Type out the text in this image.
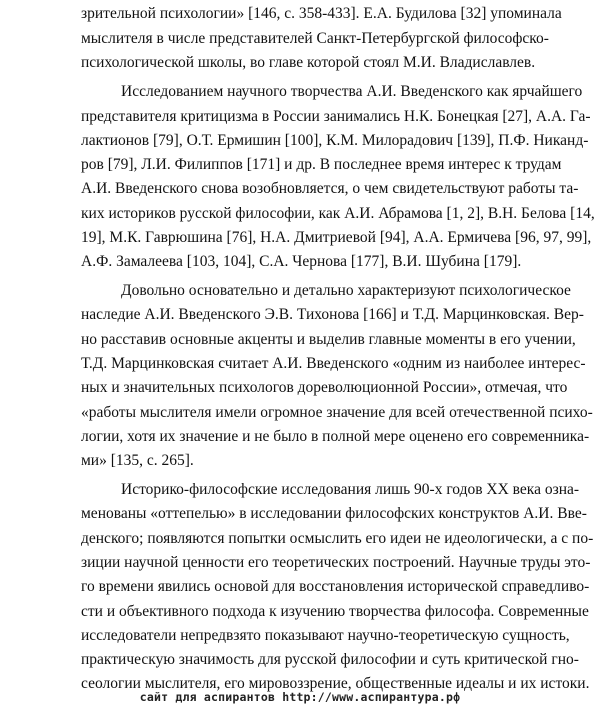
зрительной психологии» [146, с. 358-433]. Е.А. Будилова [32] упоминала
мыслителя в числе представителей Санкт-Петербургской философско-
психологической школы, во главе которой стоял М.И. Владиславлев.
Исследованием научного творчества А.И. Введенского как ярчайшего
представителя критицизма в России занимались Н.К. Бонецкая [27], А.А. Га-
лактионов [79], О.Т. Ермишин [100], К.М. Милорадович [139], П.Ф. Никанд-
ров [79], Л.И. Филиппов [171] и др. В последнее время интерес к трудам
А.И. Введенского снова возобновляется, о чем свидетельствуют работы та-
ких историков русской философии, как А.И. Абрамова [1, 2], В.Н. Белова [14,
19], М.К. Гаврюшина [76], Н.А. Дмитриевой [94], А.А. Ермичева [96, 97, 99],
А.Ф. Замалеева [103, 104], С.А. Чернова [177], В.И. Шубина [179].
Довольно основательно и детально характеризуют психологическое
наследие А.И. Введенского Э.В. Тихонова [166] и Т.Д. Марцинковская. Вер-
но расставив основные акценты и выделив главные моменты в его учении,
Т.Д. Марцинковская считает А.И. Введенского «одним из наиболее интерес-
ных и значительных психологов дореволюционной России», отмечая, что
«работы мыслителя имели огромное значение для всей отечественной психо-
логии, хотя их значение и не было в полной мере оценено его современника-
ми» [135, с. 265].
Историко-философские исследования лишь 90-х годов XX века озна-
менованы «оттепелью» в исследовании философских конструктов А.И. Вве-
денского; появляются попытки осмыслить его идеи не идеологически, а с по-
зиции научной ценности его теоретических построений. Научные труды это-
го времени явились основой для восстановления исторической справедливо-
сти и объективного подхода к изучению творчества философа. Современные
исследователи непредвзято показывают научно-теоретическую сущность,
практическую значимость для русской философии и суть критической гно-
сеологии мыслителя, его мировоззрение, общественные идеалы и их истоки.
сайт для аспирантов http://www.аспирантура.рф
